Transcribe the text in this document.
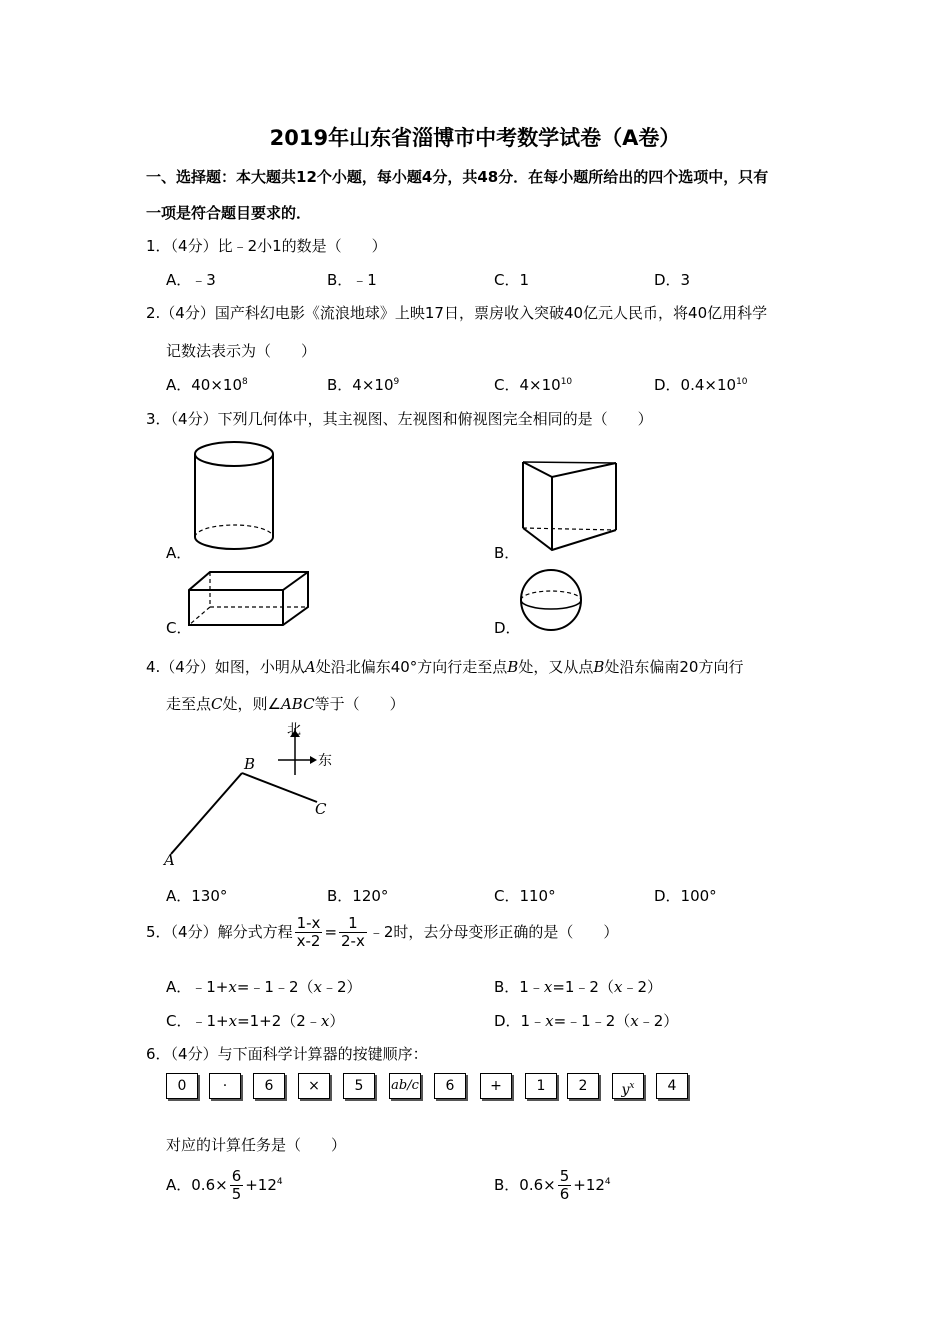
2019年山东省淄博市中考数学试卷（A卷）
一、选择题：本大题共12个小题，每小题4分，共48分．在每小题所给出的四个选项中，只有
一项是符合题目要求的．
1．（4分）比﹣2小1的数是（　　）
A．﹣3	B．﹣1	C．1	D．3
2.（4分）国产科幻电影《流浪地球》上映17日，票房收入突破40亿元人民币，将40亿用科学
记数法表示为（　　）
A．$40\times 10^8$	B．$4\times 10^9$	C．$4\times 10^{10}$	D．$0.4\times 10^{10}$
3．（4分）下列几何体中，其主视图、左视图和俯视图完全相同的是（　　）
A．	B．
C．	D．
4.（4分）如图，小明从A处沿北偏东40°方向行走至点B处，又从点B处沿东偏南20方向行
走至点C处，则∠ABC等于（　　）
北
东
B
C
A
A．130°	B．120°	C．110°	D．100°
5．（4分）解分式方程 $\frac{1-x}{x-2} = \frac{1}{2-x}$ ﹣2时，去分母变形正确的是（　　）
A．﹣1+x=﹣1﹣2（x﹣2）	B．1﹣x=1﹣2（x﹣2）
C．﹣1+x=1+2（2﹣x）	D．1﹣x=﹣1﹣2（x﹣2）
6．（4分）与下面科学计算器的按键顺序：
0	·	6	×	5	ab/c	6	+	1	2	$y^x$	4
对应的计算任务是（　　）
A．$0.6\times \frac{6}{5} +12^4$	B．$0.6\times \frac{5}{6} +12^4$
